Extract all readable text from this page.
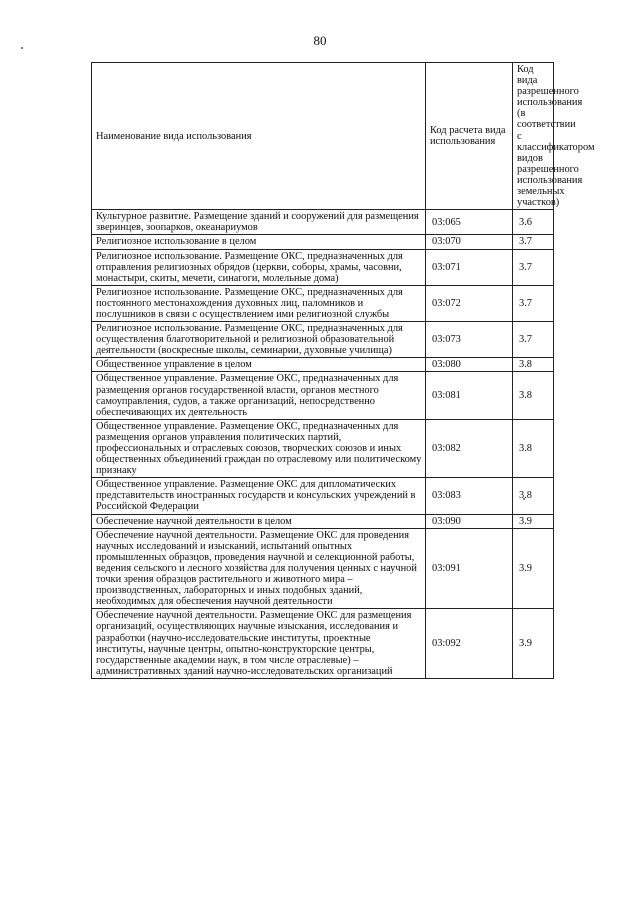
80
Наименование вида использования	Код расчета вида использования	Код вида разрешенного использования (в соответствии с классификатором видов разрешенного использования земельных участков)
Культурное развитие. Размещение зданий и сооружений для размещения зверинцев, зоопарков, океанариумов	03:065	3.6
Религиозное использование в целом	03:070	3.7
Религиозное использование. Размещение ОКС, предназначенных для отправления религиозных обрядов (церкви, соборы, храмы, часовни, монастыри, скиты, мечети, синагоги, молельные дома)	03:071	3.7
Религиозное использование. Размещение ОКС, предназначенных для постоянного местонахождения духовных лиц, паломников и послушников в связи с осуществлением ими религиозной службы	03:072	3.7
Религиозное использование. Размещение ОКС, предназначенных для осуществления благотворительной и религиозной образовательной деятельности (воскресные школы, семинарии, духовные училища)	03:073	3.7
Общественное управление в целом	03:080	3.8
Общественное управление. Размещение ОКС, предназначенных для размещения органов государственной власти, органов местного самоуправления, судов, а также организаций, непосредственно обеспечивающих их деятельность	03:081	3.8
Общественное управление. Размещение ОКС, предназначенных для размещения органов управления политических партий, профессиональных и отраслевых союзов, творческих союзов и иных общественных объединений граждан по отраслевому или политическому признаку	03:082	3.8
Общественное управление. Размещение ОКС для дипломатических представительств иностранных государств и консульских учреждений в Российской Федерации	03:083	3.8
Обеспечение научной деятельности в целом	03:090	3.9
Обеспечение научной деятельности. Размещение ОКС для проведения научных исследований и изысканий, испытаний опытных промышленных образцов, проведения научной и селекционной работы, ведения сельского и лесного хозяйства для получения ценных с научной точки зрения образцов растительного и животного мира – производственных, лабораторных и иных подобных зданий, необходимых для обеспечения научной деятельности	03:091	3.9
Обеспечение научной деятельности. Размещение ОКС для размещения организаций, осуществляющих научные изыскания, исследования и разработки (научно-исследовательские институты, проектные институты, научные центры, опытно-конструкторские центры, государственные академии наук, в том числе отраслевые) – административных зданий научно-исследовательских организаций	03:092	3.9
